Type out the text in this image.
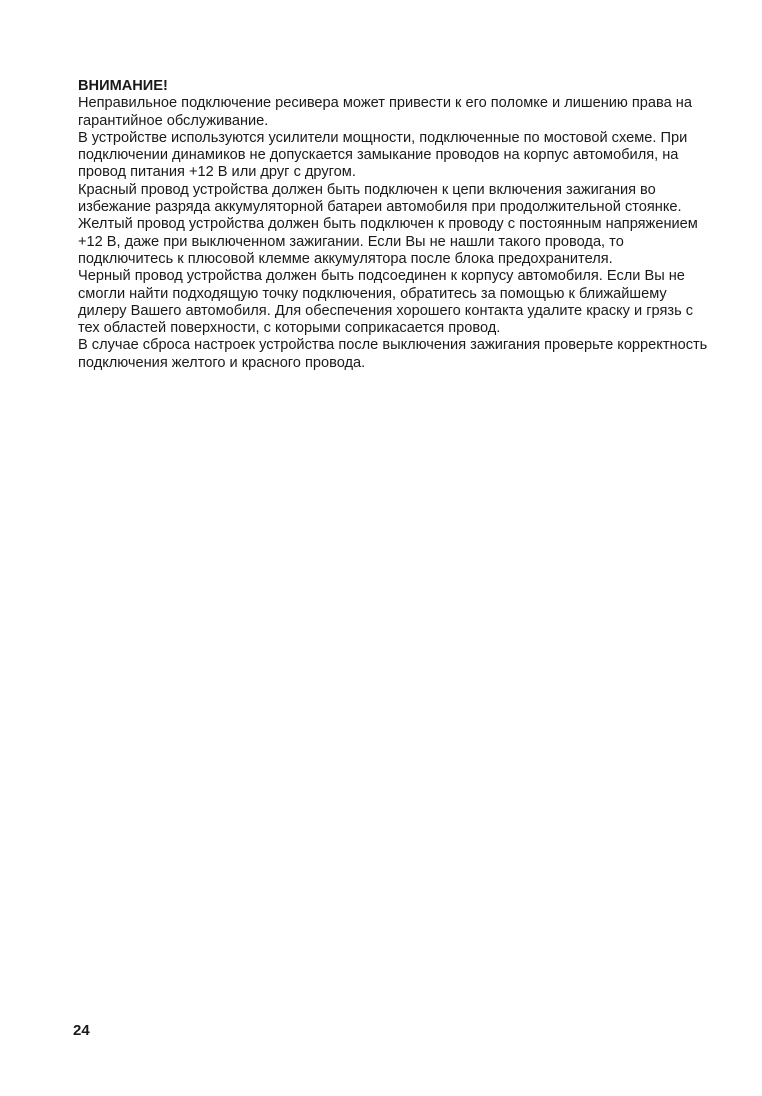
ВНИМАНИЕ!

Неправильное подключение ресивера может привести к его поломке и лишению права на гарантийное обслуживание.

В устройстве используются усилители мощности, подключенные по мостовой схеме. При подключении динамиков не допускается замыкание проводов на корпус автомобиля, на провод питания +12 В или друг с другом.

Красный провод устройства должен быть подключен к цепи включения зажигания во избежание разряда аккумуляторной батареи автомобиля при продолжительной стоянке.

Желтый провод устройства должен быть подключен к проводу с постоянным напряжением +12 В, даже при выключенном зажигании. Если Вы не нашли такого провода, то подключитесь к плюсовой клемме аккумулятора после блока предохранителя.

Черный провод устройства должен быть подсоединен к корпусу автомобиля. Если Вы не смогли найти подходящую точку подключения, обратитесь за помощью к ближайшему дилеру Вашего автомобиля. Для обеспечения хорошего контакта удалите краску и грязь с тех областей поверхности, с которыми соприкасается провод.

В случае сброса настроек устройства после выключения зажигания проверьте корректность подключения желтого и красного провода.

24
